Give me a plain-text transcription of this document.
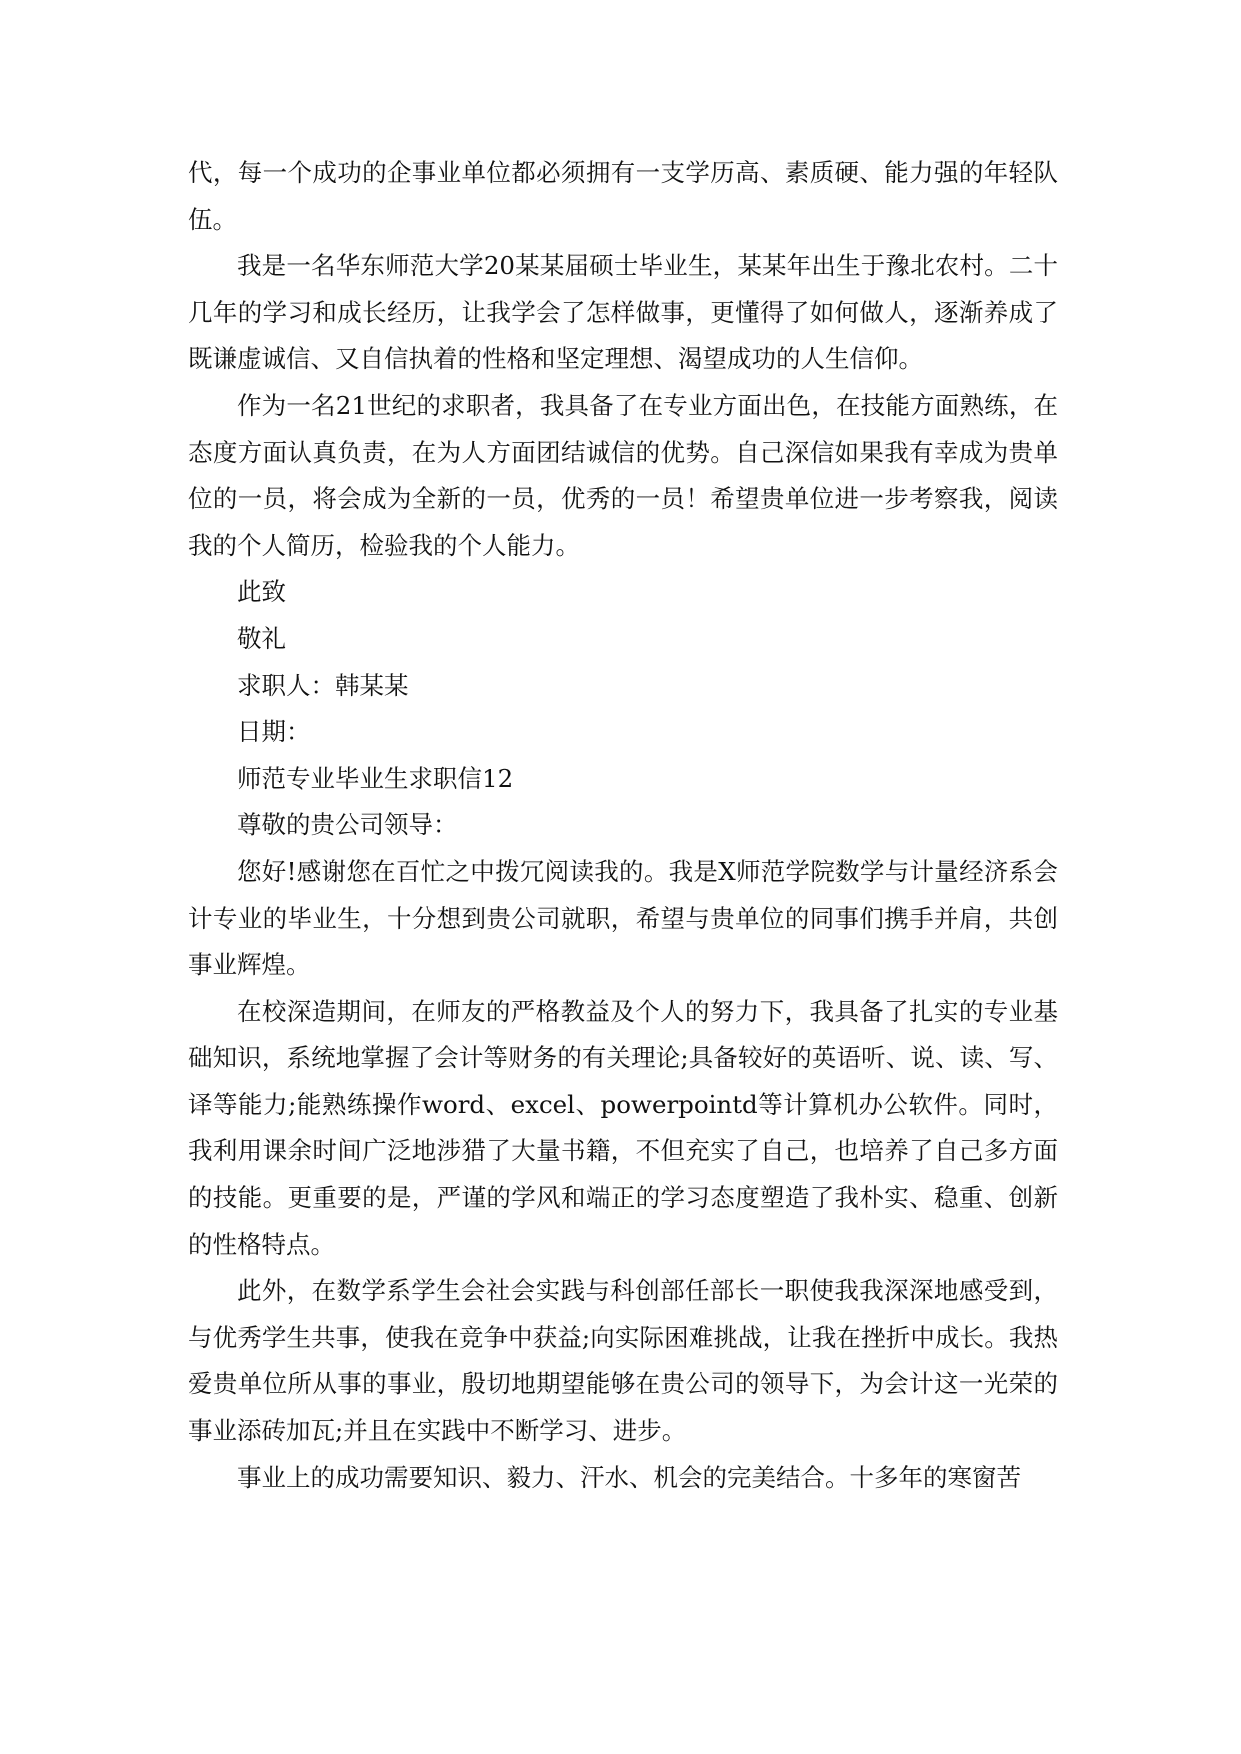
代，每一个成功的企事业单位都必须拥有一支学历高、素质硬、能力强的年轻队伍。

我是一名华东师范大学20某某届硕士毕业生，某某年出生于豫北农村。二十几年的学习和成长经历，让我学会了怎样做事，更懂得了如何做人，逐渐养成了既谦虚诚信、又自信执着的性格和坚定理想、渴望成功的人生信仰。

作为一名21世纪的求职者，我具备了在专业方面出色，在技能方面熟练，在态度方面认真负责，在为人方面团结诚信的优势。自己深信如果我有幸成为贵单位的一员，将会成为全新的一员，优秀的一员！希望贵单位进一步考察我，阅读我的个人简历，检验我的个人能力。

此致

敬礼

求职人：韩某某

日期：

师范专业毕业生求职信12

尊敬的贵公司领导：

您好!感谢您在百忙之中拨冗阅读我的。我是X师范学院数学与计量经济系会计专业的毕业生，十分想到贵公司就职，希望与贵单位的同事们携手并肩，共创事业辉煌。

在校深造期间，在师友的严格教益及个人的努力下，我具备了扎实的专业基础知识，系统地掌握了会计等财务的有关理论;具备较好的英语听、说、读、写、译等能力;能熟练操作word、excel、powerpointd等计算机办公软件。同时，我利用课余时间广泛地涉猎了大量书籍，不但充实了自己，也培养了自己多方面的技能。更重要的是，严谨的学风和端正的学习态度塑造了我朴实、稳重、创新的性格特点。

此外，在数学系学生会社会实践与科创部任部长一职使我我深深地感受到，与优秀学生共事，使我在竞争中获益;向实际困难挑战，让我在挫折中成长。我热爱贵单位所从事的事业，殷切地期望能够在贵公司的领导下，为会计这一光荣的事业添砖加瓦;并且在实践中不断学习、进步。

事业上的成功需要知识、毅力、汗水、机会的完美结合。十多年的寒窗苦
